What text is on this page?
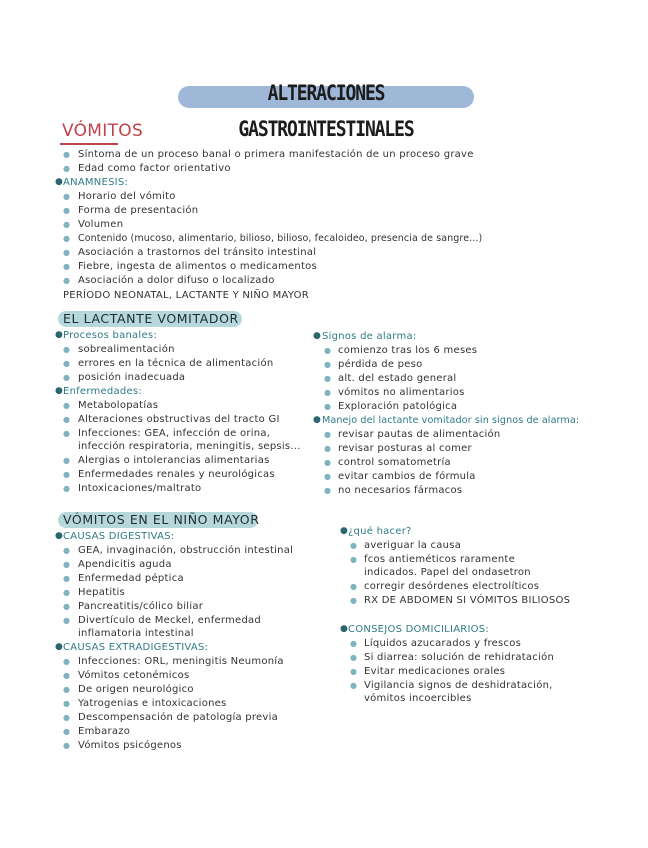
ALTERACIONES GASTROINTESTINALES
VÓMITOS
● Síntoma de un proceso banal o primera manifestación de un proceso grave
● Edad como factor orientativo
● ANAMNESIS:
● Horario del vómito
● Forma de presentación
● Volumen
● Contenido (mucoso, alimentario, bilioso, bilioso, fecaloideo, presencia de sangre...)
● Asociación a trastornos del tránsito intestinal
● Fiebre, ingesta de alimentos o medicamentos
● Asociación a dolor difuso o localizado
PERÍODO NEONATAL, LACTANTE Y NIÑO MAYOR
EL LACTANTE VOMITADOR
● Procesos banales:
● sobrealimentación
● errores en la técnica de alimentación
● posición inadecuada
● Enfermedades:
● Metabolopatías
● Alteraciones obstructivas del tracto GI
● Infecciones: GEA, infección de orina, infección respiratoria, meningitis, sepsis...
● Alergias o intolerancias alimentarias
● Enfermedades renales y neurológicas
● Intoxicaciones/maltrato
● Signos de alarma:
● comienzo tras los 6 meses
● pérdida de peso
● alt. del estado general
● vómitos no alimentarios
● Exploración patológica
● Manejo del lactante vomitador sin signos de alarma:
● revisar pautas de alimentación
● revisar posturas al comer
● control somatometría
● evitar cambios de fórmula
● no necesarios fármacos
VÓMITOS EN EL NIÑO MAYOR
● CAUSAS DIGESTIVAS:
● GEA, invaginación, obstrucción intestinal
● Apendicitis aguda
● Enfermedad péptica
● Hepatitis
● Pancreatitis/cólico biliar
● Divertículo de Meckel, enfermedad inflamatoria intestinal
● CAUSAS EXTRADIGESTIVAS:
● Infecciones: ORL, meningitis Neumonía
● Vómitos cetonémicos
● De origen neurológico
● Yatrogenias e intoxicaciones
● Descompensación de patología previa
● Embarazo
● Vómitos psicógenos
● ¿qué hacer?
● averiguar la causa
● fcos antieméticos raramente indicados. Papel del ondasetron
● corregir desórdenes electrolíticos
● RX DE ABDOMEN SI VÓMITOS BILIOSOS
● CONSEJOS DOMICILIARIOS:
● Líquidos azucarados y frescos
● Si diarrea: solución de rehidratación
● Evitar medicaciones orales
● Vigilancia signos de deshidratación, vómitos incoercibles
